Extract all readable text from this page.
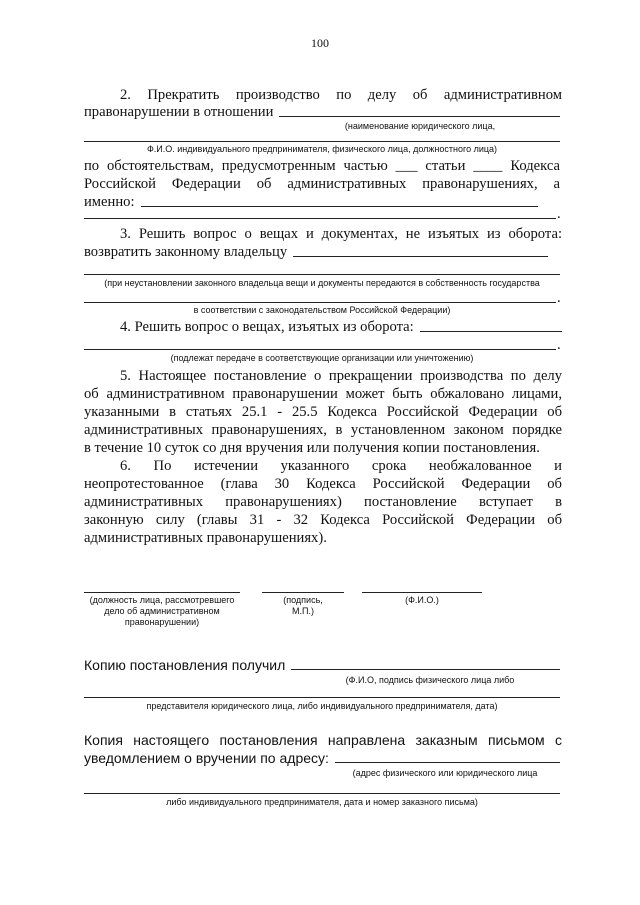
100
2. Прекратить производство по делу об административном
правонарушении в отношении
(наименование юридического лица,
Ф.И.О. индивидуального предпринимателя, физического лица, должностного лица)
по обстоятельствам, предусмотренным частью ___ статьи ____ Кодекса
Российской Федерации об административных правонарушениях, а
именно:
.
3. Решить вопрос о вещах и документах, не изъятых из оборота:
возвратить законному владельцу
(при неустановлении законного владельца вещи и документы передаются в собственность государства
.
в соответствии с законодательством Российской Федерации)
4. Решить вопрос о вещах, изъятых из оборота:
.
(подлежат передаче в соответствующие организации или уничтожению)
5. Настоящее постановление о прекращении производства по делу
об административном правонарушении может быть обжаловано лицами,
указанными в статьях 25.1 - 25.5 Кодекса Российской Федерации об
административных правонарушениях, в установленном законом порядке
в течение 10 суток со дня вручения или получения копии постановления.
6. По истечении указанного срока необжалованное и
неопротестованное (глава 30 Кодекса Российской Федерации об
административных правонарушениях) постановление вступает в
законную силу (главы 31 - 32 Кодекса Российской Федерации об
административных правонарушениях).
(должность лица, рассмотревшего
дело об административном
правонарушении)
(подпись,
М.П.)
(Ф.И.О.)
Копию постановления получил
(Ф.И.О, подпись физического лица либо
представителя юридического лица, либо индивидуального предпринимателя, дата)
Копия настоящего постановления направлена заказным письмом с
уведомлением о вручении по адресу:
(адрес физического или юридического лица
либо индивидуального предпринимателя, дата и номер заказного письма)
